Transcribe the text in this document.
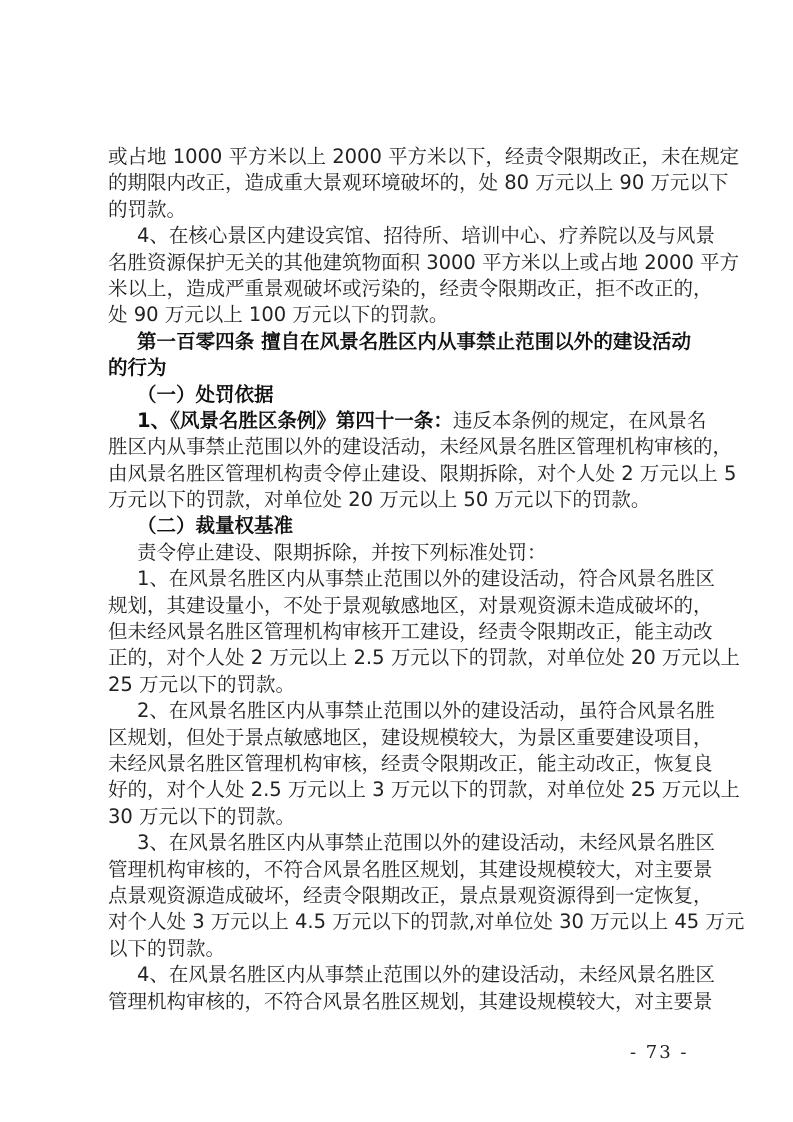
或占地 1000 平方米以上 2000 平方米以下，经责令限期改正，未在规定
的期限内改正，造成重大景观环境破坏的，处 80 万元以上 90 万元以下
的罚款。
4、在核心景区内建设宾馆、招待所、培训中心、疗养院以及与风景
名胜资源保护无关的其他建筑物面积 3000 平方米以上或占地 2000 平方
米以上，造成严重景观破坏或污染的，经责令限期改正，拒不改正的，
处 90 万元以上 100 万元以下的罚款。
第一百零四条 擅自在风景名胜区内从事禁止范围以外的建设活动
的行为
（一）处罚依据
1、《风景名胜区条例》第四十一条：违反本条例的规定，在风景名
胜区内从事禁止范围以外的建设活动，未经风景名胜区管理机构审核的，
由风景名胜区管理机构责令停止建设、限期拆除，对个人处 2 万元以上 5
万元以下的罚款，对单位处 20 万元以上 50 万元以下的罚款。
（二）裁量权基准
责令停止建设、限期拆除，并按下列标准处罚：
1、在风景名胜区内从事禁止范围以外的建设活动，符合风景名胜区
规划，其建设量小，不处于景观敏感地区，对景观资源未造成破坏的，
但未经风景名胜区管理机构审核开工建设，经责令限期改正，能主动改
正的，对个人处 2 万元以上 2.5 万元以下的罚款，对单位处 20 万元以上
25 万元以下的罚款。
2、在风景名胜区内从事禁止范围以外的建设活动，虽符合风景名胜
区规划，但处于景点敏感地区，建设规模较大，为景区重要建设项目，
未经风景名胜区管理机构审核，经责令限期改正，能主动改正，恢复良
好的，对个人处 2.5 万元以上 3 万元以下的罚款，对单位处 25 万元以上
30 万元以下的罚款。
3、在风景名胜区内从事禁止范围以外的建设活动，未经风景名胜区
管理机构审核的，不符合风景名胜区规划，其建设规模较大，对主要景
点景观资源造成破坏，经责令限期改正，景点景观资源得到一定恢复，
对个人处 3 万元以上 4.5 万元以下的罚款,对单位处 30 万元以上 45 万元
以下的罚款。
4、在风景名胜区内从事禁止范围以外的建设活动，未经风景名胜区
管理机构审核的，不符合风景名胜区规划，其建设规模较大，对主要景
- 73 -
